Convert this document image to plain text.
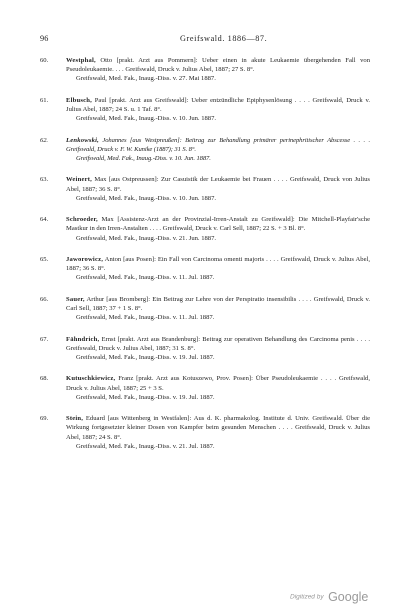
96	Greifswald. 1886—87.
60.	Westphal, Otto [prakt. Arzt aus Pommern]: Ueber einen in akute Leukaemie übergehenden Fall von Pseudoleukaemie. . . . Greifswald, Druck v. Julius Abel, 1887; 27 S. 8°.
Greifswald, Med. Fak., Inaug.-Diss. v. 27. Mai 1887.
61.	Elbusch, Paul [prakt. Arzt aus Greifswald]: Ueber entzündliche Epiphysenlösung . . . . Greifswald, Druck v. Julius Abel, 1887; 24 S. u. 1 Taf. 8°.
Greifswald, Med. Fak., Inaug.-Diss. v. 10. Jun. 1887.
62.	Lenkowski, Johannes [aus Westpreußen]: Beitrag zur Behandlung primärer perinephritischer Abscesse . . . . Greifswald, Druck v. F. W. Kunike (1887); 31 S. 8°.
Greifswald, Med. Fak., Inaug.-Diss. v. 10. Jun. 1887.
63.	Weinert, Max [aus Ostpreussen]: Zur Casuistik der Leukaemie bei Frauen . . . . Greifswald, Druck von Julius Abel, 1887; 36 S. 8°.
Greifswald, Med. Fak., Inaug.-Diss. v. 10. Jun. 1887.
64.	Schroeder, Max [Assistenz-Arzt an der Provinzial-Irren-Anstalt zu Greifswald]: Die Mitchell-Playfair'sche Mastkur in den Irren-Anstalten . . . . Greifswald, Druck v. Carl Sell, 1887; 22 S. + 3 Bl. 8°.
Greifswald, Med. Fak., Inaug.-Diss. v. 21. Jun. 1887.
65.	Jaworowicz, Anton [aus Posen]: Ein Fall von Carcinoma omenti majoris . . . . Greifswald, Druck v. Julius Abel, 1887; 36 S. 8°.
Greifswald, Med. Fak., Inaug.-Diss. v. 11. Jul. 1887.
66.	Sauer, Arthur [aus Bromberg]: Ein Beitrag zur Lehre von der Perspiratio insensibilis . . . . Greifswald, Druck v. Carl Sell, 1887; 37 + 1 S. 8°.
Greifswald, Med. Fak., Inaug.-Diss. v. 11. Jul. 1887.
67.	Fähndrich, Ernst [prakt. Arzt aus Brandenburg]: Beitrag zur operativen Behandlung des Carcinoma penis . . . . Greifswald, Druck v. Julius Abel, 1887; 31 S. 8°.
Greifswald, Med. Fak., Inaug.-Diss. v. 19. Jul. 1887.
68.	Kutuschkiewicz, Franz [prakt. Arzt aus Kotuszewo, Prov. Posen]: Über Pseudoleukaemie . . . . Greifswald, Druck v. Julius Abel, 1887; 25 + 3 S.
Greifswald, Med. Fak., Inaug.-Diss. v. 19. Jul. 1887.
69.	Stein, Eduard [aus Wittenberg in Westfalen]: Aus d. K. pharmakolog. Institute d. Univ. Greifswald. Über die Wirkung fortgesetzter kleiner Dosen von Kampfer beim gesunden Menschen . . . . Greifswald, Druck v. Julius Abel, 1887; 24 S. 8°.
Greifswald, Med. Fak., Inaug.-Diss. v. 21. Jul. 1887.
Digitized by Google
